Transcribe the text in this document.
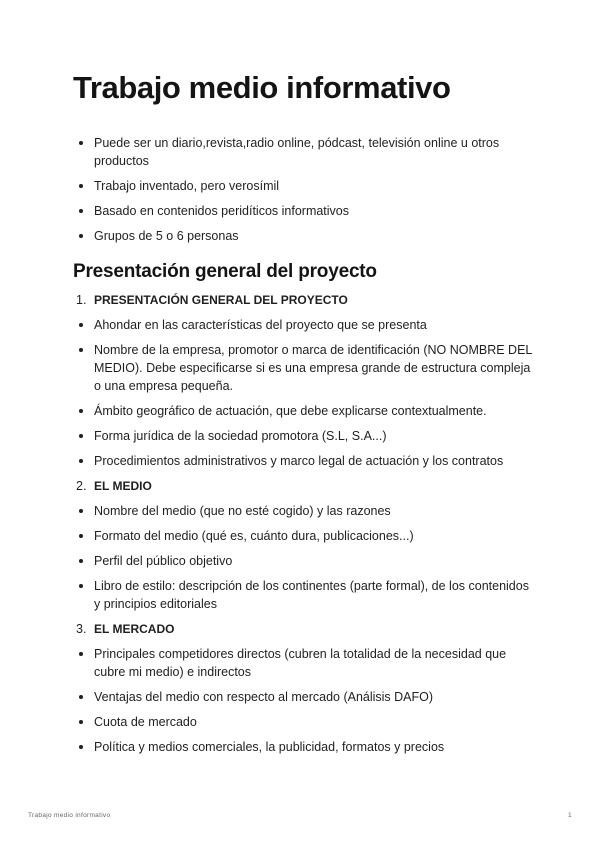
Trabajo medio informativo
Puede ser un diario,revista,radio online, pódcast, televisión online u otros productos
Trabajo inventado, pero verosímil
Basado en contenidos peridíticos informativos
Grupos de 5 o 6 personas
Presentación general del proyecto
1. PRESENTACIÓN GENERAL DEL PROYECTO
Ahondar en las características del proyecto que se presenta
Nombre de la empresa, promotor o marca de identificación (NO NOMBRE DEL MEDIO). Debe especificarse si es una empresa grande de estructura compleja o una empresa pequeña.
Ámbito geográfico de actuación, que debe explicarse contextualmente.
Forma jurídica de la sociedad promotora (S.L, S.A...)
Procedimientos administrativos y marco legal de actuación y los contratos
2. EL MEDIO
Nombre del medio (que no esté cogido) y las razones
Formato del medio (qué es, cuánto dura, publicaciones...)
Perfil del público objetivo
Libro de estilo: descripción de los continentes (parte formal), de los contenidos y principios editoriales
3. EL MERCADO
Principales competidores directos (cubren la totalidad de la necesidad que cubre mi medio) e indirectos
Ventajas del medio con respecto al mercado (Análisis DAFO)
Cuota de mercado
Política y medios comerciales, la publicidad, formatos y precios
Trabajo medio informativo	1
